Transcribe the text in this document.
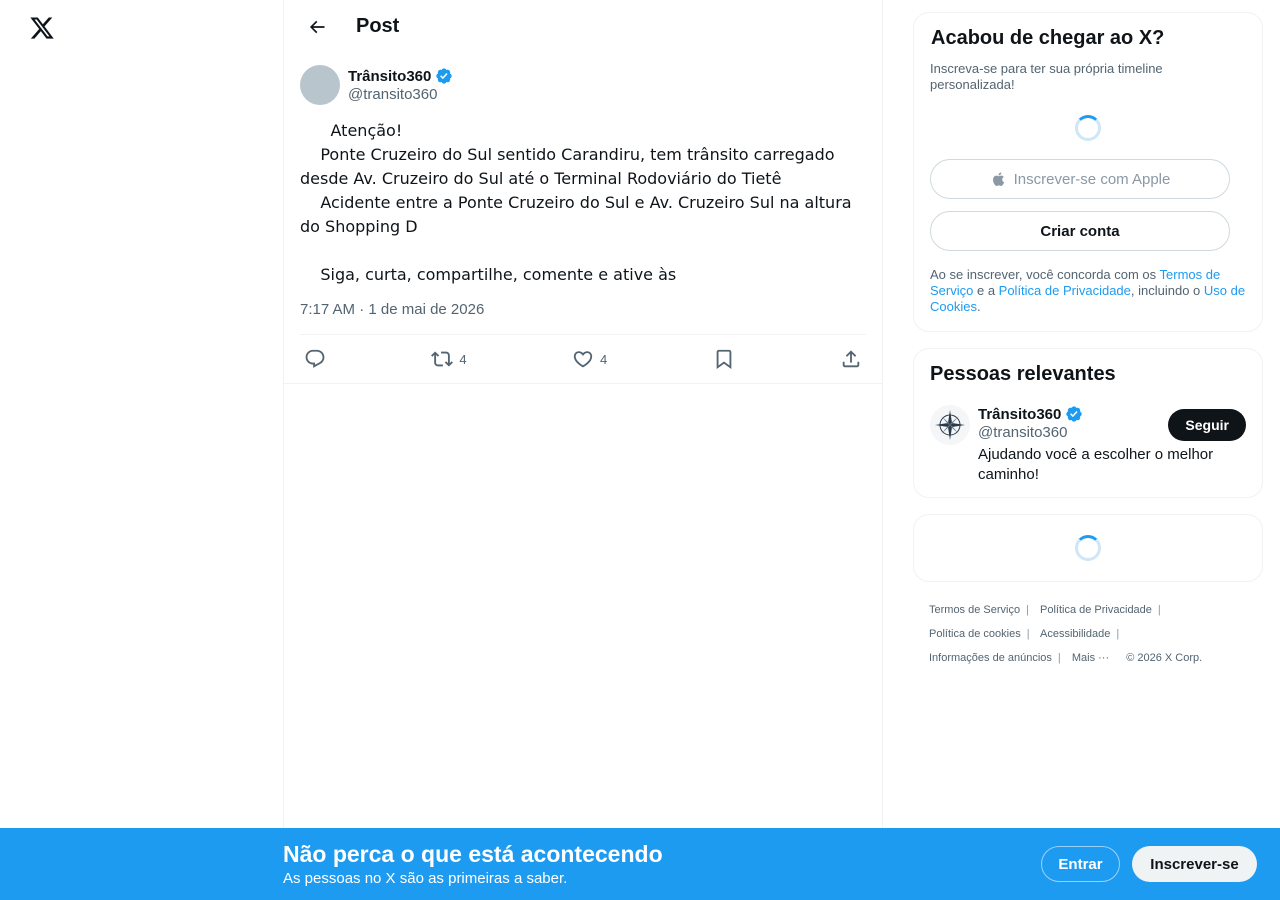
Post
Trânsito360
@transito360
Atenção!
Ponte Cruzeiro do Sul sentido Carandiru, tem trânsito carregado desde Av. Cruzeiro do Sul até o Terminal Rodoviário do Tietê
Acidente entre a Ponte Cruzeiro do Sul e Av. Cruzeiro Sul na altura do Shopping D

Siga, curta, compartilhe, comente e ative às
7:17 AM · 1 de mai de 2026
4	4
Acabou de chegar ao X?
Inscreva-se para ter sua própria timeline personalizada!
Inscrever-se com Apple
Criar conta
Ao se inscrever, você concorda com os Termos de Serviço e a Política de Privacidade, incluindo o Uso de Cookies.
Pessoas relevantes
Trânsito360
@transito360	Seguir
Ajudando você a escolher o melhor caminho!
Termos de Serviço | Política de Privacidade |
Política de cookies | Acessibilidade |
Informações de anúncios | Mais ··· © 2026 X Corp.
Não perca o que está acontecendo
As pessoas no X são as primeiras a saber.
Entrar	Inscrever-se
